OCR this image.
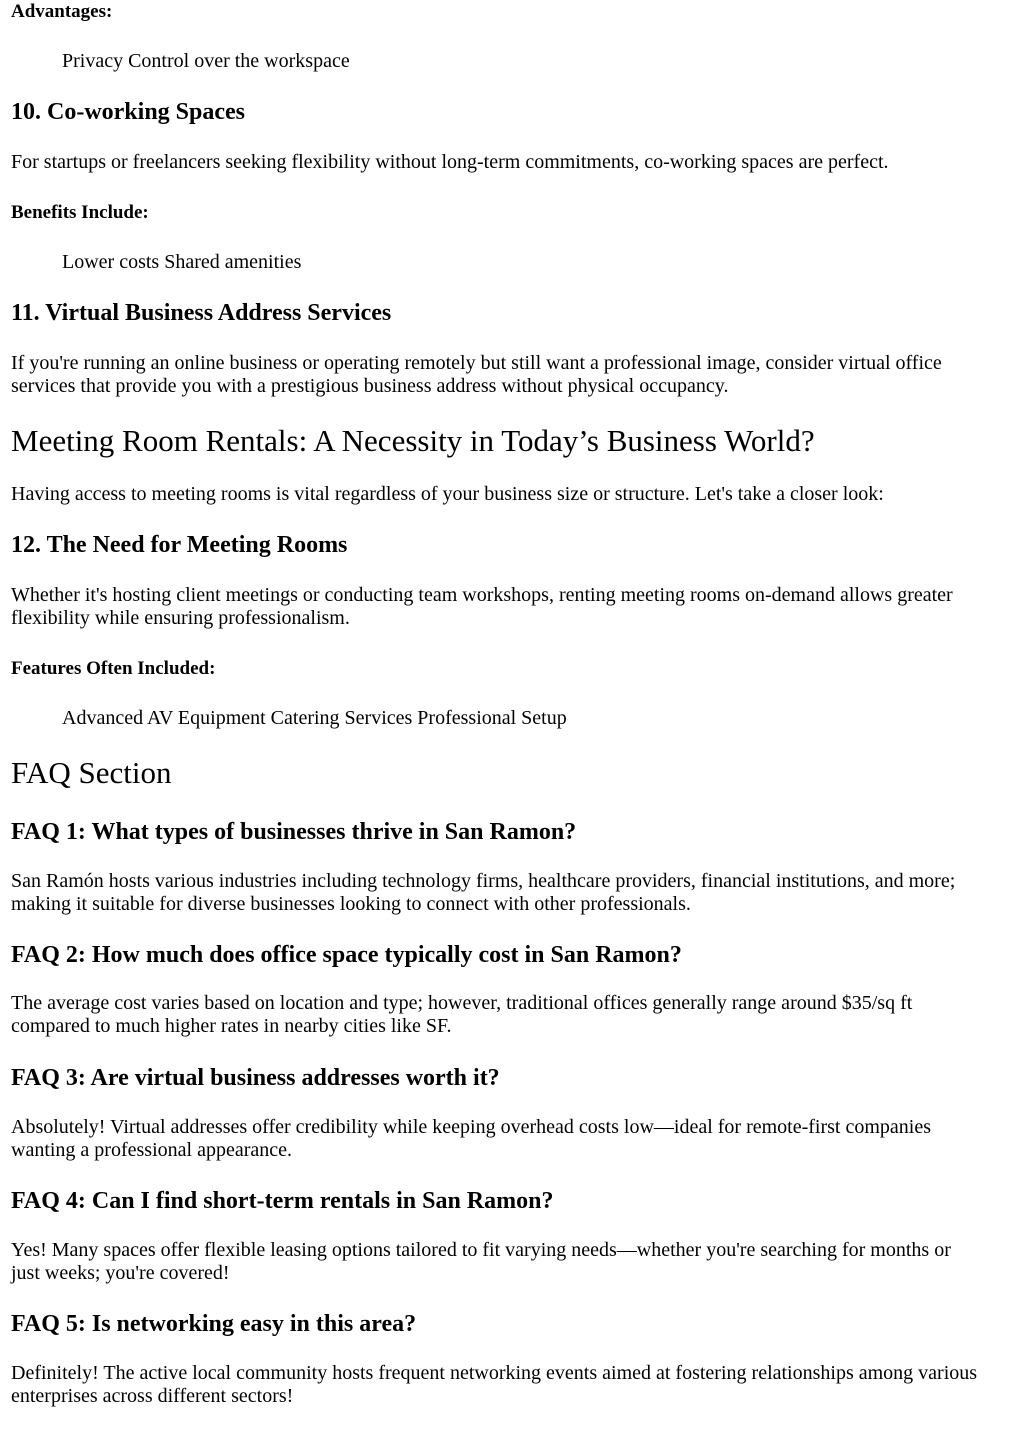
Advantages:
Privacy Control over the workspace
10. Co-working Spaces
For startups or freelancers seeking flexibility without long-term commitments, co-working spaces are perfect.
Benefits Include:
Lower costs Shared amenities
11. Virtual Business Address Services
If you're running an online business or operating remotely but still want a professional image, consider virtual office
services that provide you with a prestigious business address without physical occupancy.
Meeting Room Rentals: A Necessity in Today’s Business World?
Having access to meeting rooms is vital regardless of your business size or structure. Let's take a closer look:
12. The Need for Meeting Rooms
Whether it's hosting client meetings or conducting team workshops, renting meeting rooms on-demand allows greater
flexibility while ensuring professionalism.
Features Often Included:
Advanced AV Equipment Catering Services Professional Setup
FAQ Section
FAQ 1: What types of businesses thrive in San Ramon?
San Ramón hosts various industries including technology firms, healthcare providers, financial institutions, and more;
making it suitable for diverse businesses looking to connect with other professionals.
FAQ 2: How much does office space typically cost in San Ramon?
The average cost varies based on location and type; however, traditional offices generally range around $35/sq ft
compared to much higher rates in nearby cities like SF.
FAQ 3: Are virtual business addresses worth it?
Absolutely! Virtual addresses offer credibility while keeping overhead costs low—ideal for remote-first companies
wanting a professional appearance.
FAQ 4: Can I find short-term rentals in San Ramon?
Yes! Many spaces offer flexible leasing options tailored to fit varying needs—whether you're searching for months or
just weeks; you're covered!
FAQ 5: Is networking easy in this area?
Definitely! The active local community hosts frequent networking events aimed at fostering relationships among various
enterprises across different sectors!
